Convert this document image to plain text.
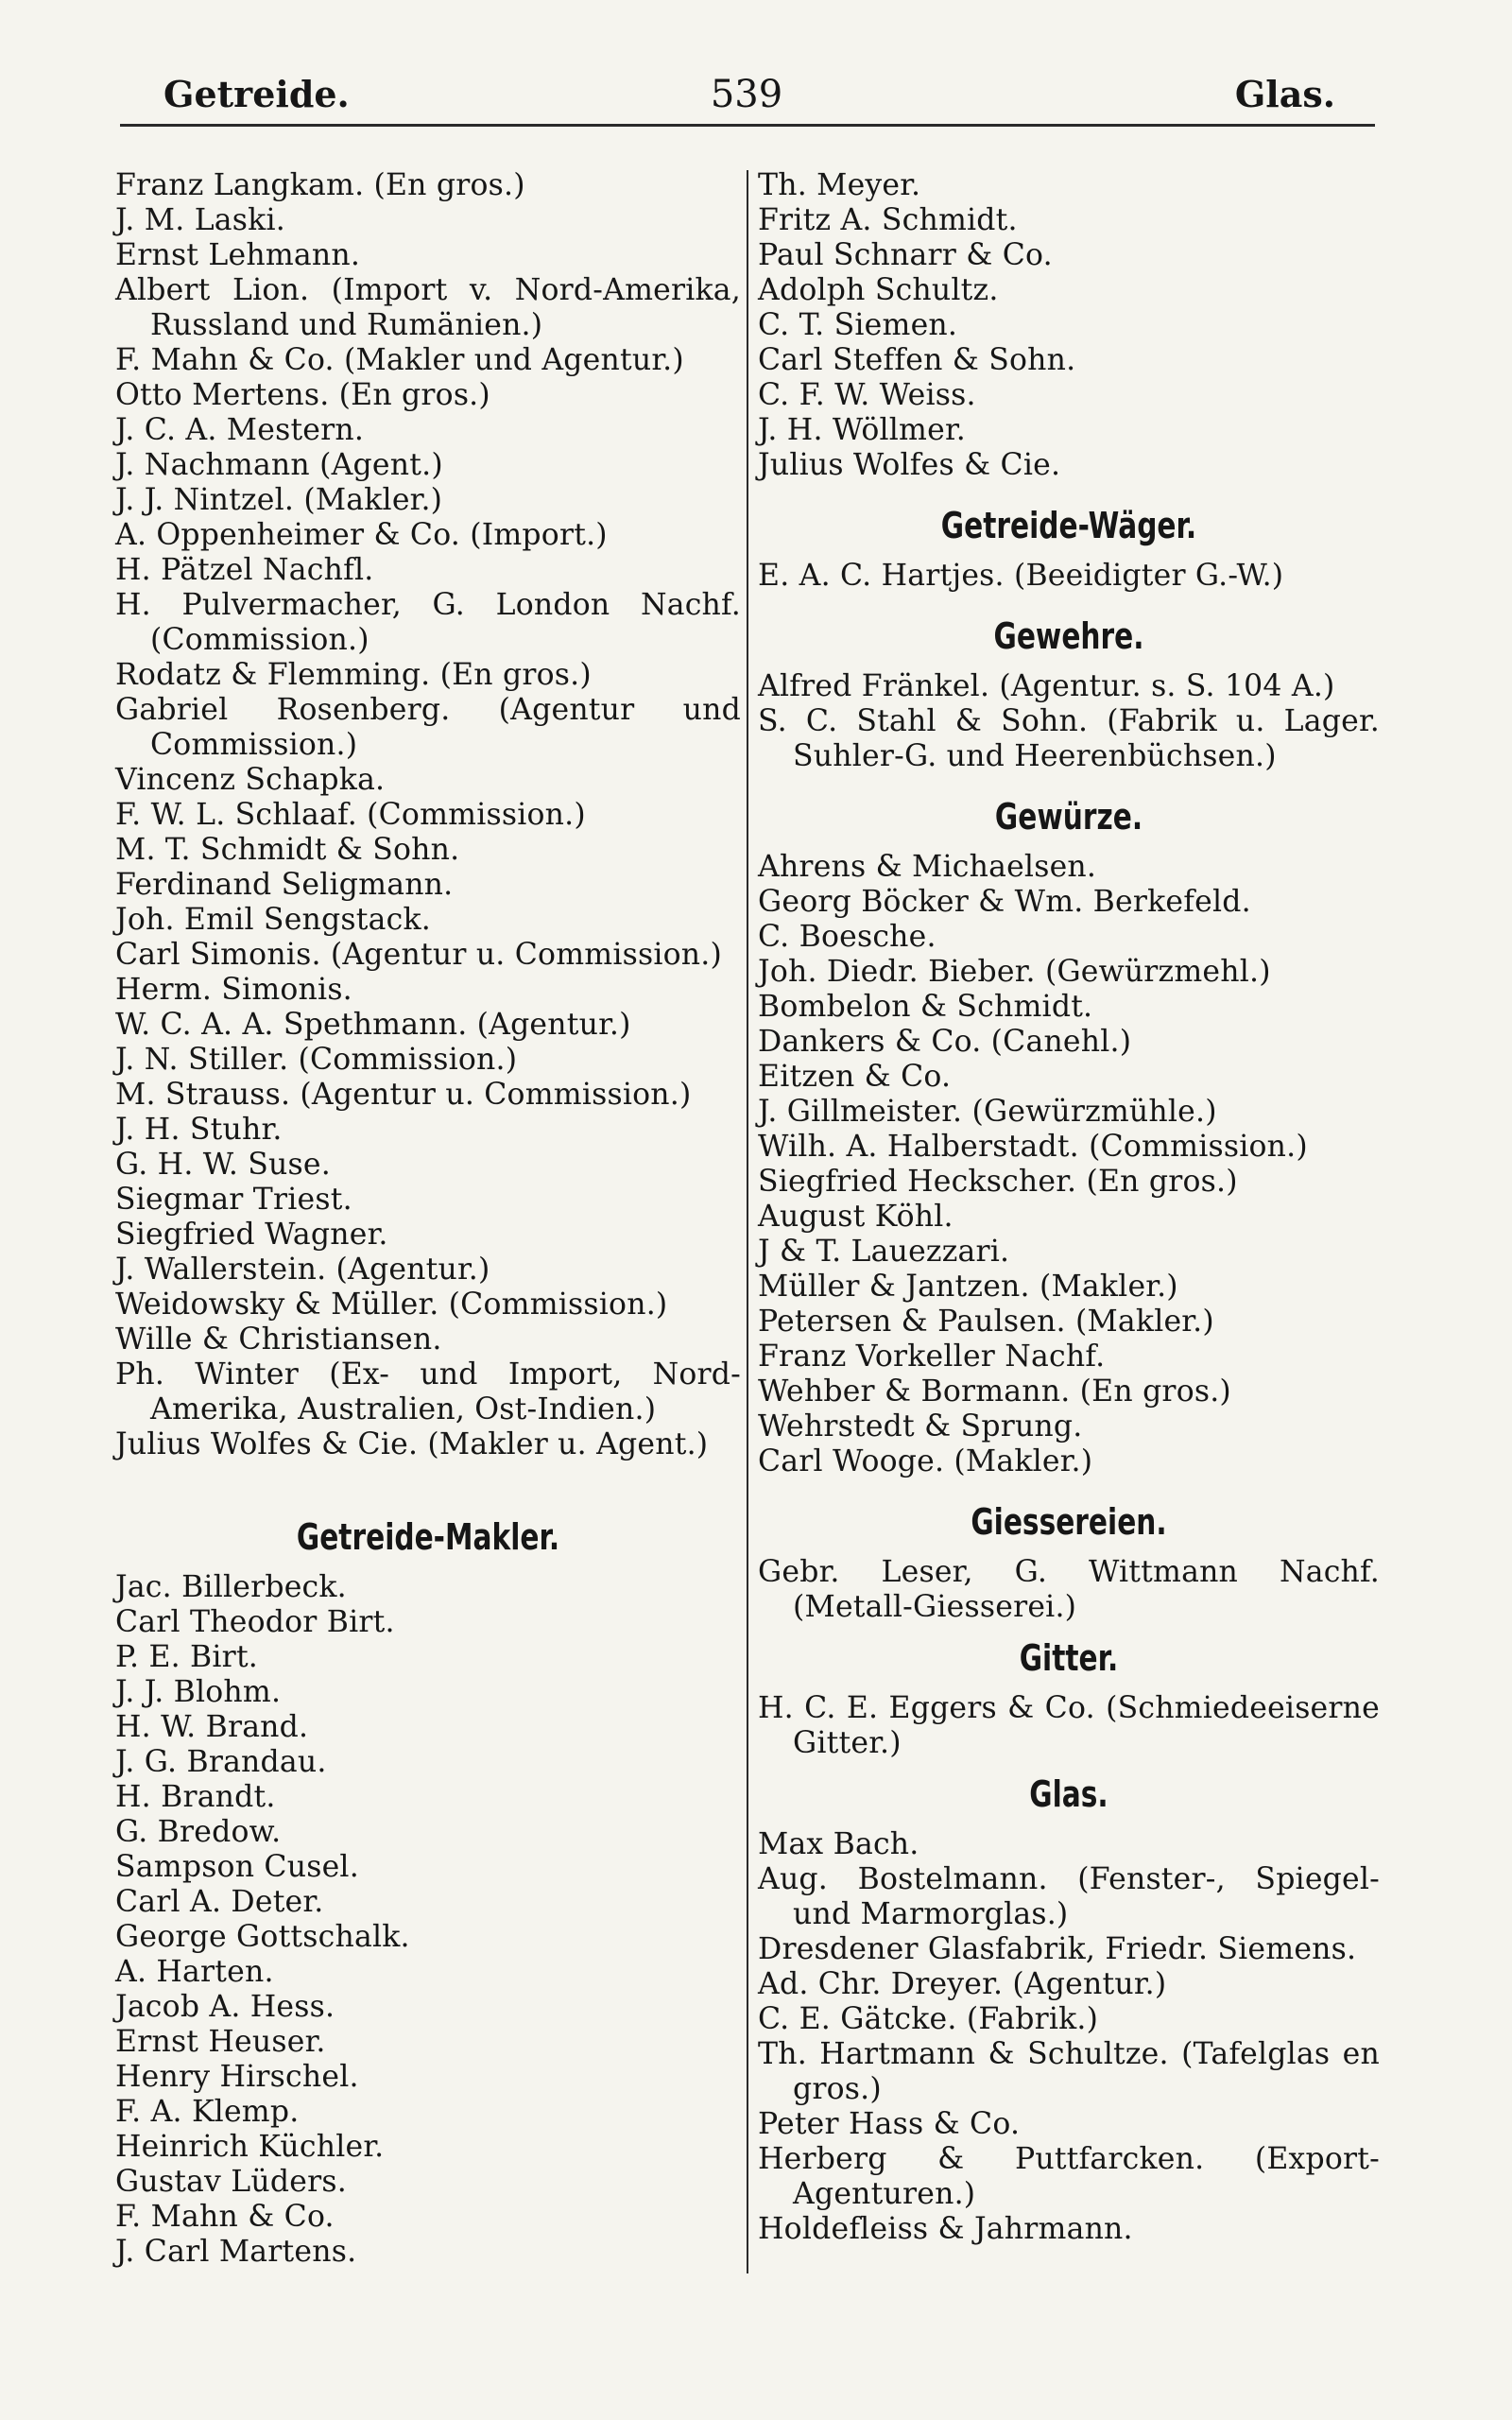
Getreide.	539	Glas.
Franz Langkam. (En gros.)
J. M. Laski.
Ernst Lehmann.
Albert Lion. (Import v. Nord-Amerika, Russland und Rumänien.)
F. Mahn & Co. (Makler und Agentur.)
Otto Mertens. (En gros.)
J. C. A. Mestern.
J. Nachmann (Agent.)
J. J. Nintzel. (Makler.)
A. Oppenheimer & Co. (Import.)
H. Pätzel Nachfl.
H. Pulvermacher, G. London Nachf. (Commission.)
Rodatz & Flemming. (En gros.)
Gabriel Rosenberg. (Agentur und Commission.)
Vincenz Schapka.
F. W. L. Schlaaf. (Commission.)
M. T. Schmidt & Sohn.
Ferdinand Seligmann.
Joh. Emil Sengstack.
Carl Simonis. (Agentur u. Commission.)
Herm. Simonis.
W. C. A. A. Spethmann. (Agentur.)
J. N. Stiller. (Commission.)
M. Strauss. (Agentur u. Commission.)
J. H. Stuhr.
G. H. W. Suse.
Siegmar Triest.
Siegfried Wagner.
J. Wallerstein. (Agentur.)
Weidowsky & Müller. (Commission.)
Wille & Christiansen.
Ph. Winter (Ex- und Import, Nord-Amerika, Australien, Ost-Indien.)
Julius Wolfes & Cie. (Makler u. Agent.)
Getreide-Makler.
Jac. Billerbeck.
Carl Theodor Birt.
P. E. Birt.
J. J. Blohm.
H. W. Brand.
J. G. Brandau.
H. Brandt.
G. Bredow.
Sampson Cusel.
Carl A. Deter.
George Gottschalk.
A. Harten.
Jacob A. Hess.
Ernst Heuser.
Henry Hirschel.
F. A. Klemp.
Heinrich Küchler.
Gustav Lüders.
F. Mahn & Co.
J. Carl Martens.
Th. Meyer.
Fritz A. Schmidt.
Paul Schnarr & Co.
Adolph Schultz.
C. T. Siemen.
Carl Steffen & Sohn.
C. F. W. Weiss.
J. H. Wöllmer.
Julius Wolfes & Cie.
Getreide-Wäger.
E. A. C. Hartjes. (Beeidigter G.-W.)
Gewehre.
Alfred Fränkel. (Agentur. s. S. 104 A.)
S. C. Stahl & Sohn. (Fabrik u. Lager. Suhler-G. und Heerenbüchsen.)
Gewürze.
Ahrens & Michaelsen.
Georg Böcker & Wm. Berkefeld.
C. Boesche.
Joh. Diedr. Bieber. (Gewürzmehl.)
Bombelon & Schmidt.
Dankers & Co. (Canehl.)
Eitzen & Co.
J. Gillmeister. (Gewürzmühle.)
Wilh. A. Halberstadt. (Commission.)
Siegfried Heckscher. (En gros.)
August Köhl.
J & T. Lauezzari.
Müller & Jantzen. (Makler.)
Petersen & Paulsen. (Makler.)
Franz Vorkeller Nachf.
Wehber & Bormann. (En gros.)
Wehrstedt & Sprung.
Carl Wooge. (Makler.)
Giessereien.
Gebr. Leser, G. Wittmann Nachf. (Metall-Giesserei.)
Gitter.
H. C. E. Eggers & Co. (Schmiedeeiserne Gitter.)
Glas.
Max Bach.
Aug. Bostelmann. (Fenster-, Spiegel- und Marmorglas.)
Dresdener Glasfabrik, Friedr. Siemens.
Ad. Chr. Dreyer. (Agentur.)
C. E. Gätcke. (Fabrik.)
Th. Hartmann & Schultze. (Tafelglas en gros.)
Peter Hass & Co.
Herberg & Puttfarcken. (Export-Agenturen.)
Holdefleiss & Jahrmann.
